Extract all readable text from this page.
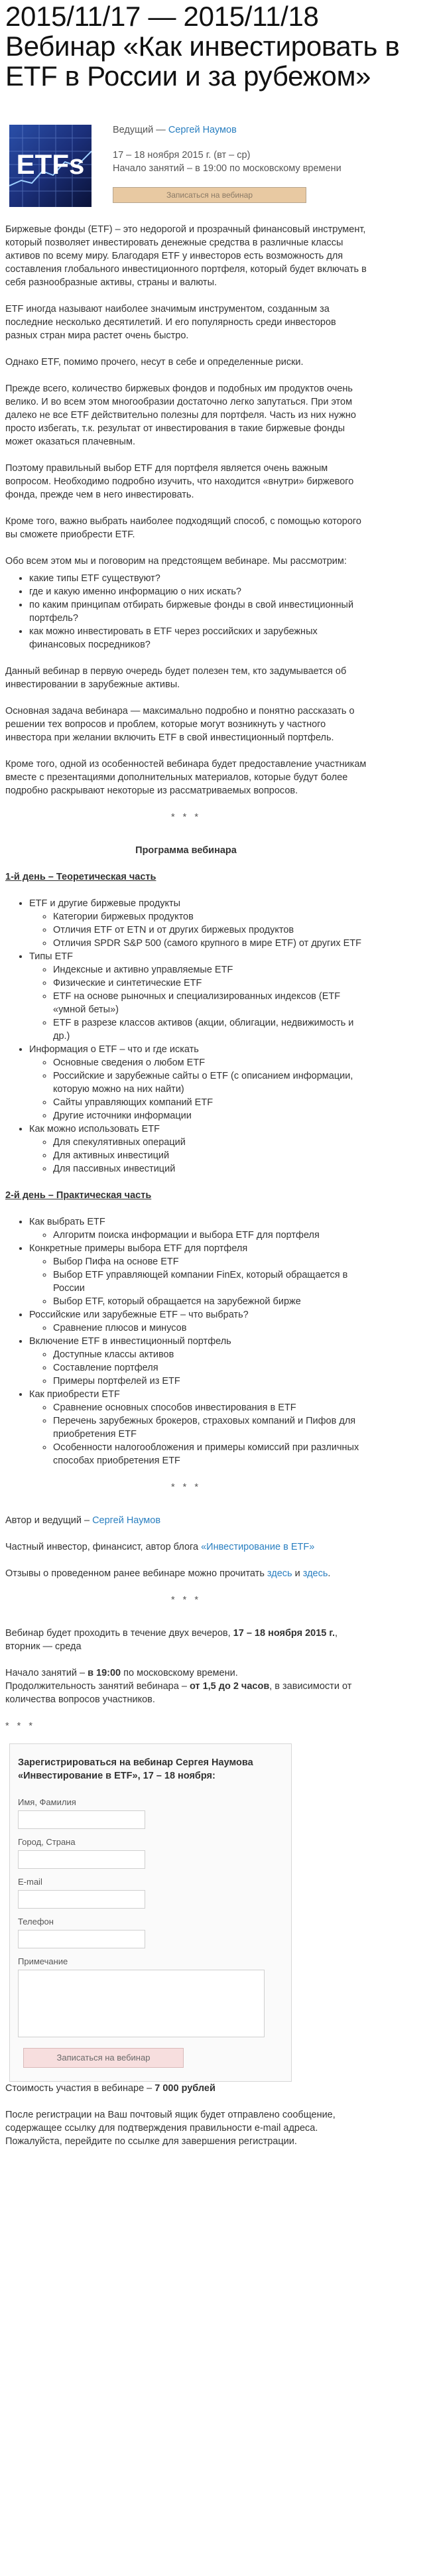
2015/11/17 — 2015/11/18 Вебинар «Как инвестировать в ETF в России и за рубежом»
ETFs

Ведущий — Сергей Наумов

17 – 18 ноября 2015 г. (вт – ср)

Начало занятий – в 19:00 по московскому времени

Записаться на вебинар

Биржевые фонды (ETF) – это недорогой и прозрачный финансовый инструмент, который позволяет инвестировать денежные средства в различные классы активов по всему миру. Благодаря ETF у инвесторов есть возможность для составления глобального инвестиционного портфеля, который будет включать в себя разнообразные активы, страны и валюты.

ETF иногда называют наиболее значимым инструментом, созданным за последние несколько десятилетий. И его популярность среди инвесторов разных стран мира растет очень быстро.

Однако ETF, помимо прочего, несут в себе и определенные риски.

Прежде всего, количество биржевых фондов и подобных им продуктов очень велико. И во всем этом многообразии достаточно легко запутаться. При этом далеко не все ETF действительно полезны для портфеля. Часть из них нужно просто избегать, т.к. результат от инвестирования в такие биржевые фонды может оказаться плачевным.

Поэтому правильный выбор ETF для портфеля является очень важным вопросом. Необходимо подробно изучить, что находится «внутри» биржевого фонда, прежде чем в него инвестировать.

Кроме того, важно выбрать наиболее подходящий способ, с помощью которого вы сможете приобрести ETF.

Обо всем этом мы и поговорим на предстоящем вебинаре. Мы рассмотрим:

• какие типы ETF существуют?
• где и какую именно информацию о них искать?
• по каким принципам отбирать биржевые фонды в свой инвестиционный портфель?
• как можно инвестировать в ETF через российских и зарубежных финансовых посредников?

Данный вебинар в первую очередь будет полезен тем, кто задумывается об инвестировании в зарубежные активы.

Основная задача вебинара — максимально подробно и понятно рассказать о решении тех вопросов и проблем, которые могут возникнуть у частного инвестора при желании включить ETF в свой инвестиционный портфель.

Кроме того, одной из особенностей вебинара будет предоставление участникам вместе с презентациями дополнительных материалов, которые будут более подробно раскрывают некоторые из рассматриваемых вопросов.

* * *

Программа вебинара

1-й день – Теоретическая часть

• ETF и другие биржевые продукты
◦ Категории биржевых продуктов
◦ Отличия ETF от ETN и от других биржевых продуктов
◦ Отличия SPDR S&P 500 (самого крупного в мире ETF) от других ETF
• Типы ETF
◦ Индексные и активно управляемые ETF
◦ Физические и синтетические ETF
◦ ETF на основе рыночных и специализированных индексов (ETF «умной беты»)
◦ ETF в разрезе классов активов (акции, облигации, недвижимость и др.)
• Информация о ETF – что и где искать
◦ Основные сведения о любом ETF
◦ Российские и зарубежные сайты о ETF (с описанием информации, которую можно на них найти)
◦ Сайты управляющих компаний ETF
◦ Другие источники информации
• Как можно использовать ETF
◦ Для спекулятивных операций
◦ Для активных инвестиций
◦ Для пассивных инвестиций

2-й день – Практическая часть

• Как выбрать ETF
◦ Алгоритм поиска информации и выбора ETF для портфеля
• Конкретные примеры выбора ETF для портфеля
◦ Выбор Пифа на основе ETF
◦ Выбор ETF управляющей компании FinEx, который обращается в России
◦ Выбор ETF, который обращается на зарубежной бирже
• Российские или зарубежные ETF – что выбрать?
◦ Сравнение плюсов и минусов
• Включение ETF в инвестиционный портфель
◦ Доступные классы активов
◦ Составление портфеля
◦ Примеры портфелей из ETF
• Как приобрести ETF
◦ Сравнение основных способов инвестирования в ETF
◦ Перечень зарубежных брокеров, страховых компаний и Пифов для приобретения ETF
◦ Особенности налогообложения и примеры комиссий при различных способах приобретения ETF
* * *

Автор и ведущий – Сергей Наумов

Частный инвестор, финансист, автор блога «Инвестирование в ETF»

Отзывы о проведенном ранее вебинаре можно прочитать здесь и здесь.

* * *

Вебинар будет проходить в течение двух вечеров, 17 – 18 ноября 2015 г., вторник — среда

Начало занятий – в 19:00 по московскому времени.

Продолжительность занятий вебинара – от 1,5 до 2 часов, в зависимости от количества вопросов участников.

* * *

Зарегистрироваться на вебинар Сергея Наумова «Инвестирование в ETF», 17 – 18 ноября:

Имя, Фамилия
Город, Страна
E-mail
Телефон
Примечание
Записаться на вебинар

Стоимость участия в вебинаре – 7 000 рублей

После регистрации на Ваш почтовый ящик будет отправлено сообщение, содержащее ссылку для подтверждения правильности e-mail адреса. Пожалуйста, перейдите по ссылке для завершения регистрации.
